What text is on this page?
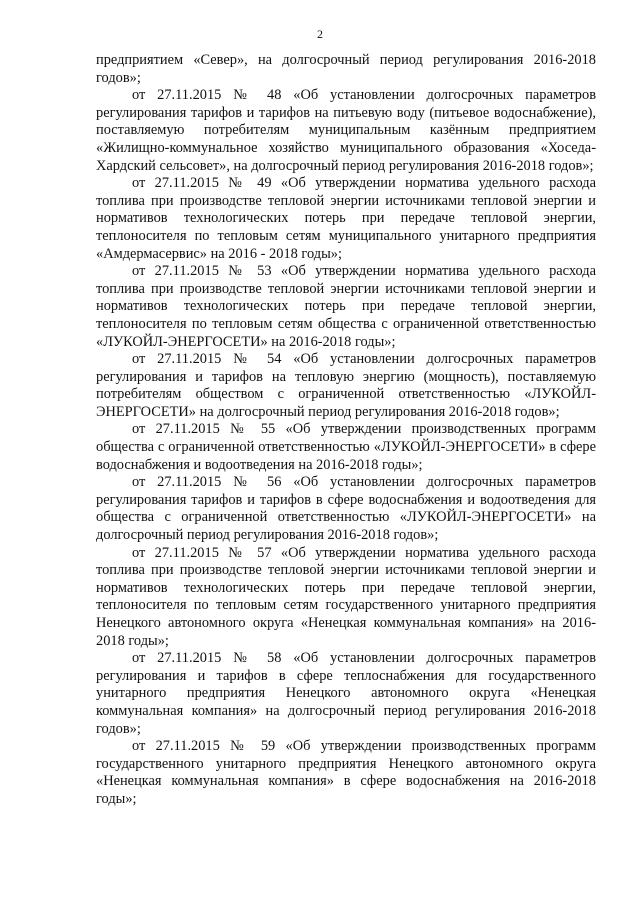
2

предприятием «Север», на долгосрочный период регулирования 2016-2018 годов»;

от 27.11.2015 № 48 «Об установлении долгосрочных параметров регулирования тарифов и тарифов на питьевую воду (питьевое водоснабжение), поставляемую потребителям муниципальным казённым предприятием «Жилищно-коммунальное хозяйство муниципального образования «Хоседа-Хардский сельсовет», на долгосрочный период регулирования 2016-2018 годов»;

от 27.11.2015 № 49 «Об утверждении норматива удельного расхода топлива при производстве тепловой энергии источниками тепловой энергии и нормативов технологических потерь при передаче тепловой энергии, теплоносителя по тепловым сетям муниципального унитарного предприятия «Амдермасервис» на 2016 - 2018 годы»;

от 27.11.2015 № 53 «Об утверждении норматива удельного расхода топлива при производстве тепловой энергии источниками тепловой энергии и нормативов технологических потерь при передаче тепловой энергии, теплоносителя по тепловым сетям общества с ограниченной ответственностью «ЛУКОЙЛ-ЭНЕРГОСЕТИ» на 2016-2018 годы»;

от 27.11.2015 № 54 «Об установлении долгосрочных параметров регулирования и тарифов на тепловую энергию (мощность), поставляемую потребителям обществом с ограниченной ответственностью «ЛУКОЙЛ-ЭНЕРГОСЕТИ» на долгосрочный период регулирования 2016-2018 годов»;

от 27.11.2015 № 55 «Об утверждении производственных программ общества с ограниченной ответственностью «ЛУКОЙЛ-ЭНЕРГОСЕТИ» в сфере водоснабжения и водоотведения на 2016-2018 годы»;

от 27.11.2015 № 56 «Об установлении долгосрочных параметров регулирования тарифов и тарифов в сфере водоснабжения и водоотведения для общества с ограниченной ответственностью «ЛУКОЙЛ-ЭНЕРГОСЕТИ» на долгосрочный период регулирования 2016-2018 годов»;

от 27.11.2015 № 57 «Об утверждении норматива удельного расхода топлива при производстве тепловой энергии источниками тепловой энергии и нормативов технологических потерь при передаче тепловой энергии, теплоносителя по тепловым сетям государственного унитарного предприятия Ненецкого автономного округа «Ненецкая коммунальная компания» на 2016-2018 годы»;

от 27.11.2015 № 58 «Об установлении долгосрочных параметров регулирования и тарифов в сфере теплоснабжения для государственного унитарного предприятия Ненецкого автономного округа «Ненецкая коммунальная компания» на долгосрочный период регулирования 2016-2018 годов»;

от 27.11.2015 № 59 «Об утверждении производственных программ государственного унитарного предприятия Ненецкого автономного округа «Ненецкая коммунальная компания» в сфере водоснабжения на 2016-2018 годы»;
